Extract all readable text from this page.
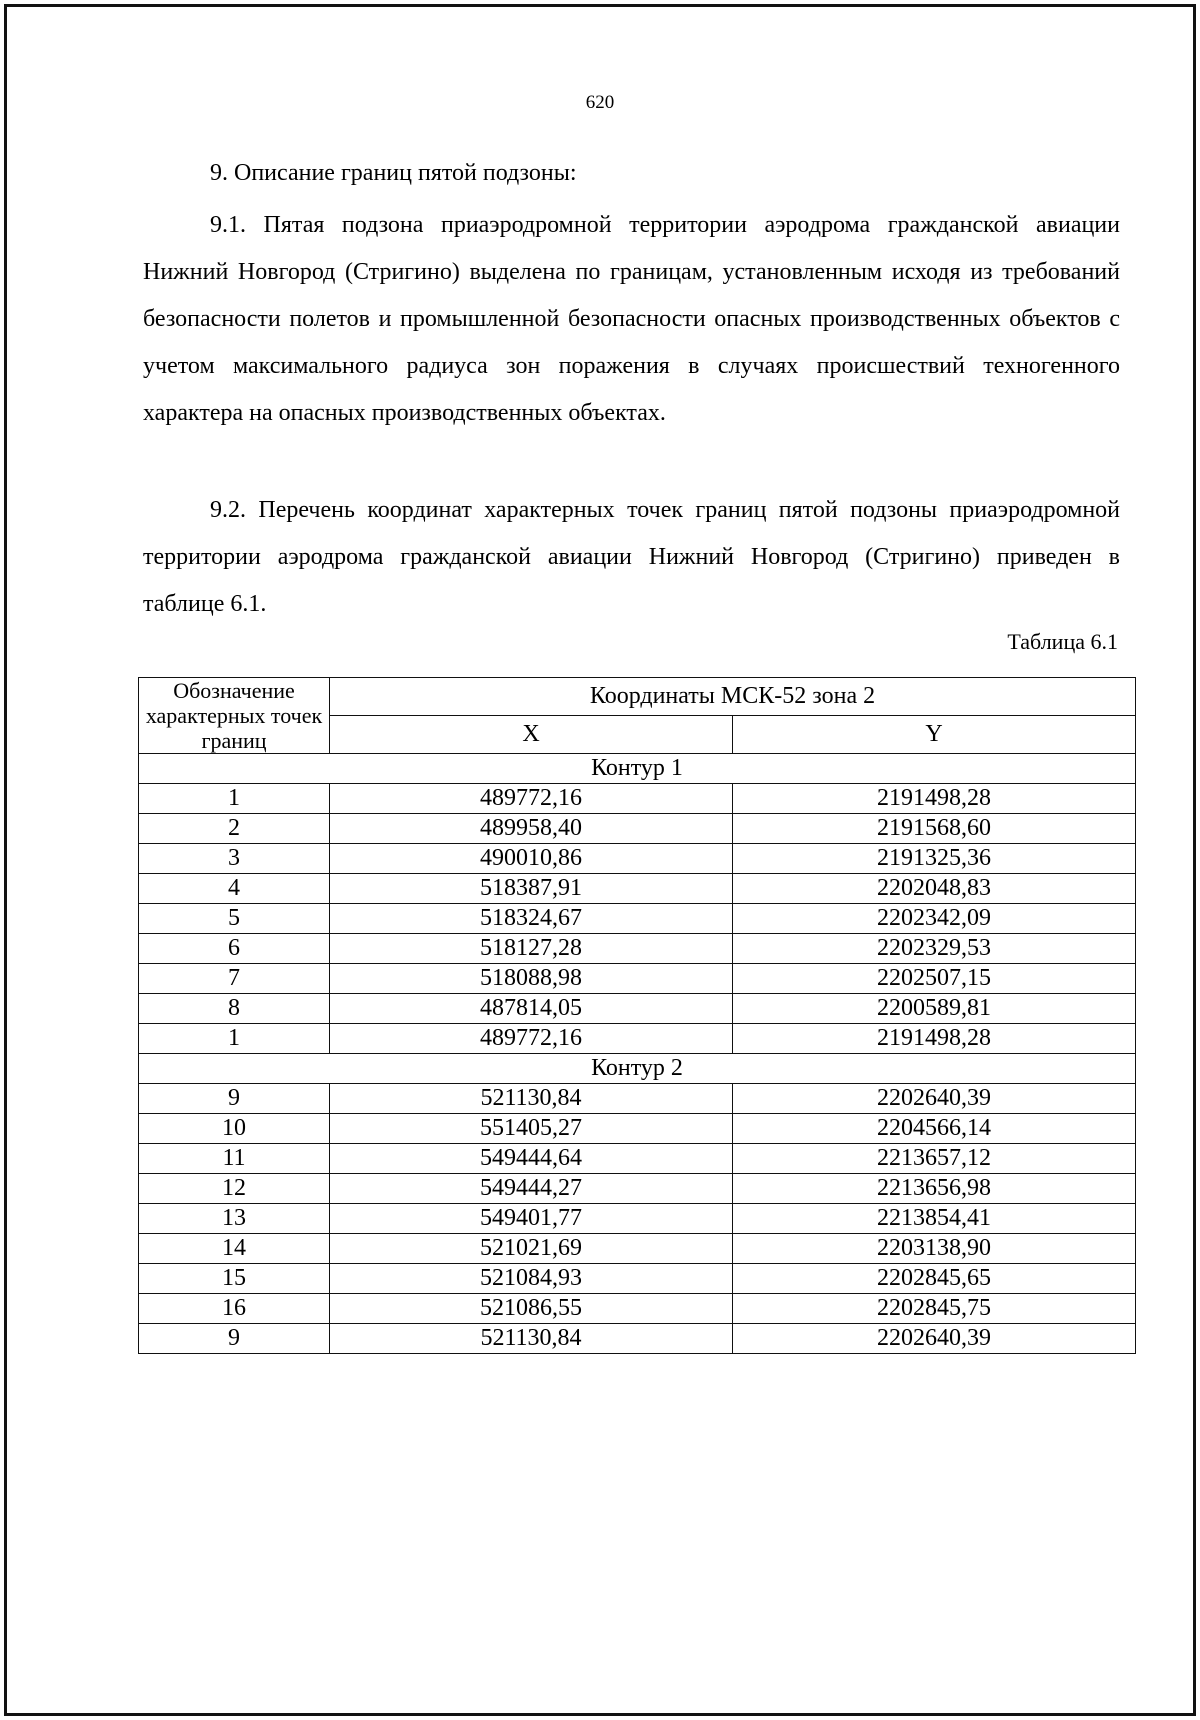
620
9. Описание границ пятой подзоны:
9.1. Пятая подзона приаэродромной территории аэродрома гражданской авиации Нижний Новгород (Стригино) выделена по границам, установленным исходя из требований безопасности полетов и промышленной безопасности опасных производственных объектов с учетом максимального радиуса зон поражения в случаях происшествий техногенного характера на опасных производственных объектах.
9.2. Перечень координат характерных точек границ пятой подзоны приаэродромной территории аэродрома гражданской авиации Нижний Новгород (Стригино) приведен в таблице 6.1.
Таблица 6.1
Обозначение характерных точек границ	Координаты МСК-52 зона 2	
	X	Y
Контур 1		
1	489772,16	2191498,28
2	489958,40	2191568,60
3	490010,86	2191325,36
4	518387,91	2202048,83
5	518324,67	2202342,09
6	518127,28	2202329,53
7	518088,98	2202507,15
8	487814,05	2200589,81
1	489772,16	2191498,28
Контур 2		
9	521130,84	2202640,39
10	551405,27	2204566,14
11	549444,64	2213657,12
12	549444,27	2213656,98
13	549401,77	2213854,41
14	521021,69	2203138,90
15	521084,93	2202845,65
16	521086,55	2202845,75
9	521130,84	2202640,39
